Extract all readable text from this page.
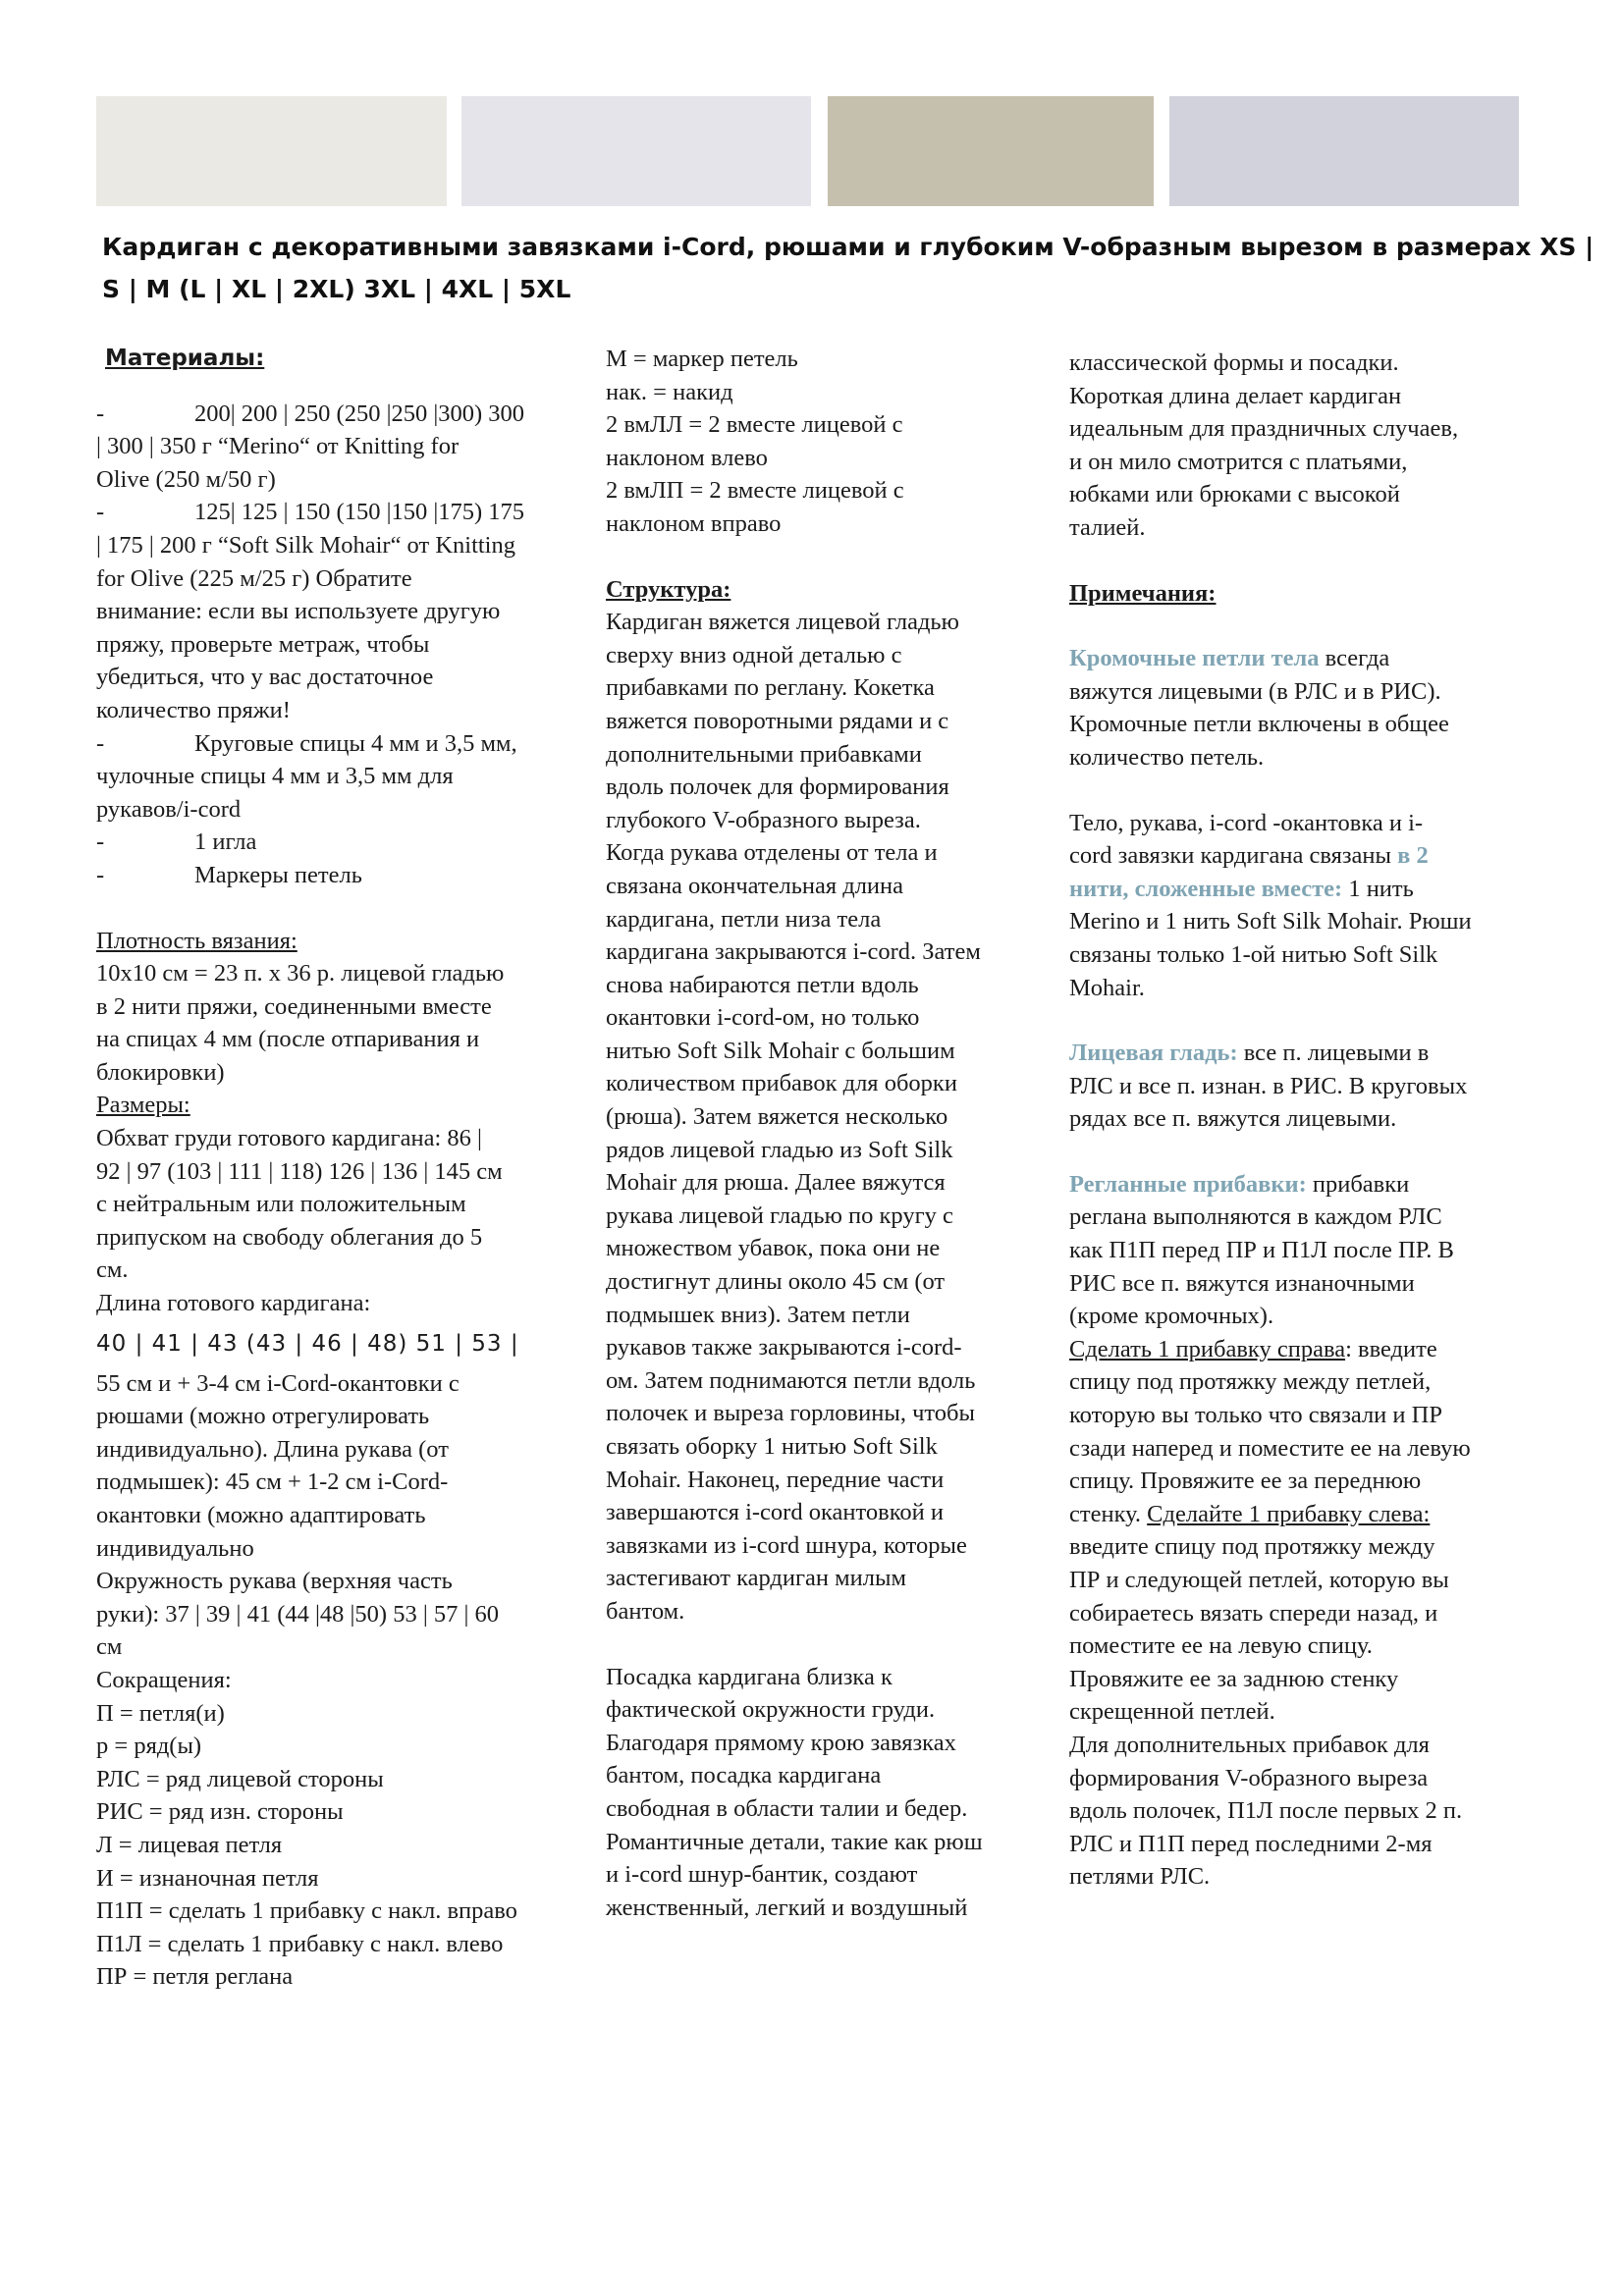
Кардиган с декоративными завязками i-Cord, рюшами и глубоким V-образным вырезом в размерах XS |
S | M (L | XL | 2XL) 3XL | 4XL | 5XL
Материалы:
-	200| 200 | 250 (250 |250 |300) 300
| 300 | 350 г “Merino“ от Knitting for
Olive (250 м/50 г)
-	125| 125 | 150 (150 |150 |175) 175
| 175 | 200 г “Soft Silk Mohair“ от Knitting
for Olive (225 м/25 г) Обратите
внимание: если вы используете другую
пряжу, проверьте метраж, чтобы
убедиться, что у вас достаточное
количество пряжи!
-	Круговые спицы 4 мм и 3,5 мм,
чулочные спицы 4 мм и 3,5 мм для
рукавов/i-cord
-	1 игла
-	Маркеры петель
Плотность вязания:
10x10 см = 23 п. х 36 р. лицевой гладью
в 2 нити пряжи, соединенными вместе
на спицах 4 мм (после отпаривания и
блокировки)
Размеры:
Обхват груди готового кардигана: 86 |
92 | 97 (103 | 111 | 118) 126 | 136 | 145 см
с нейтральным или положительным
припуском на свободу облегания до 5
см.
Длина готового кардигана:
40 | 41 | 43 (43 | 46 | 48) 51 | 53 |
55 см и + 3-4 см i-Cord-окантовки с
рюшами (можно отрегулировать
индивидуально). Длина рукава (от
подмышек): 45 см + 1-2 см i-Cord-
окантовки (можно адаптировать
индивидуально
Окружность рукава (верхняя часть
руки): 37 | 39 | 41 (44 |48 |50) 53 | 57 | 60
см
Сокращения:
П = петля(и)
р = ряд(ы)
РЛС = ряд лицевой стороны
РИС = ряд изн. стороны
Л = лицевая петля
И = изнаночная петля
П1П = сделать 1 прибавку с накл. вправо
П1Л = сделать 1 прибавку с накл. влево
ПР = петля реглана
M = маркер петель
нак. = накид
2 вмЛЛ = 2 вместе лицевой с
наклоном влево
2 вмЛП = 2 вместе лицевой с
наклоном вправо
Структура:
Кардиган вяжется лицевой гладью
сверху вниз одной деталью с
прибавками по реглану. Кокетка
вяжется поворотными рядами и с
дополнительными прибавками
вдоль полочек для формирования
глубокого V-образного выреза.
Когда рукава отделены от тела и
связана окончательная длина
кардигана, петли низа тела
кардигана закрываются i-cord. Затем
снова набираются петли вдоль
окантовки i-cord-ом, но только
нитью Soft Silk Mohair с большим
количеством прибавок для оборки
(рюша). Затем вяжется несколько
рядов лицевой гладью из Soft Silk
Mohair для рюша. Далее вяжутся
рукава лицевой гладью по кругу с
множеством убавок, пока они не
достигнут длины около 45 см (от
подмышек вниз). Затем петли
рукавов также закрываются i-cord-
ом. Затем поднимаются петли вдоль
полочек и выреза горловины, чтобы
связать оборку 1 нитью Soft Silk
Mohair. Наконец, передние части
завершаются i-cord окантовкой и
завязками из i-cord шнура, которые
застегивают кардиган милым
бантом.
Посадка кардигана близка к
фактической окружности груди.
Благодаря прямому крою завязках
бантом, посадка кардигана
свободная в области талии и бедер.
Романтичные детали, такие как рюш
и i-cord шнур-бантик, создают
женственный, легкий и воздушный
классической формы и посадки.
Короткая длина делает кардиган
идеальным для праздничных случаев,
и он мило смотрится с платьями,
юбками или брюками с высокой
талией.
Примечания:
Кромочные петли тела всегда
вяжутся лицевыми (в РЛС и в РИС).
Кромочные петли включены в общее
количество петель.
Тело, рукава, i-cord -окантовка и i-
cord завязки кардигана связаны в 2
нити, сложенные вместе: 1 нить
Merino и 1 нить Soft Silk Mohair. Рюши
связаны только 1-ой нитью Soft Silk
Mohair.
Лицевая гладь: все п. лицевыми в
РЛС и все п. изнан. в РИС. В круговых
рядах все п. вяжутся лицевыми.
Регланные прибавки: прибавки
реглана выполняются в каждом РЛС
как П1П перед ПР и П1Л после ПР. В
РИС все п. вяжутся изнаночными
(кроме кромочных).
Сделать 1 прибавку справа: введите
спицу под протяжку между петлей,
которую вы только что связали и ПР
сзади наперед и поместите ее на левую
спицу. Провяжите ее за переднюю
стенку. Сделайте 1 прибавку слева:
введите спицу под протяжку между
ПР и следующей петлей, которую вы
собираетесь вязать спереди назад, и
поместите ее на левую спицу.
Провяжите ее за заднюю стенку
скрещенной петлей.
Для дополнительных прибавок для
формирования V-образного выреза
вдоль полочек, П1Л после первых 2 п.
РЛС и П1П перед последними 2-мя
петлями РЛС.
